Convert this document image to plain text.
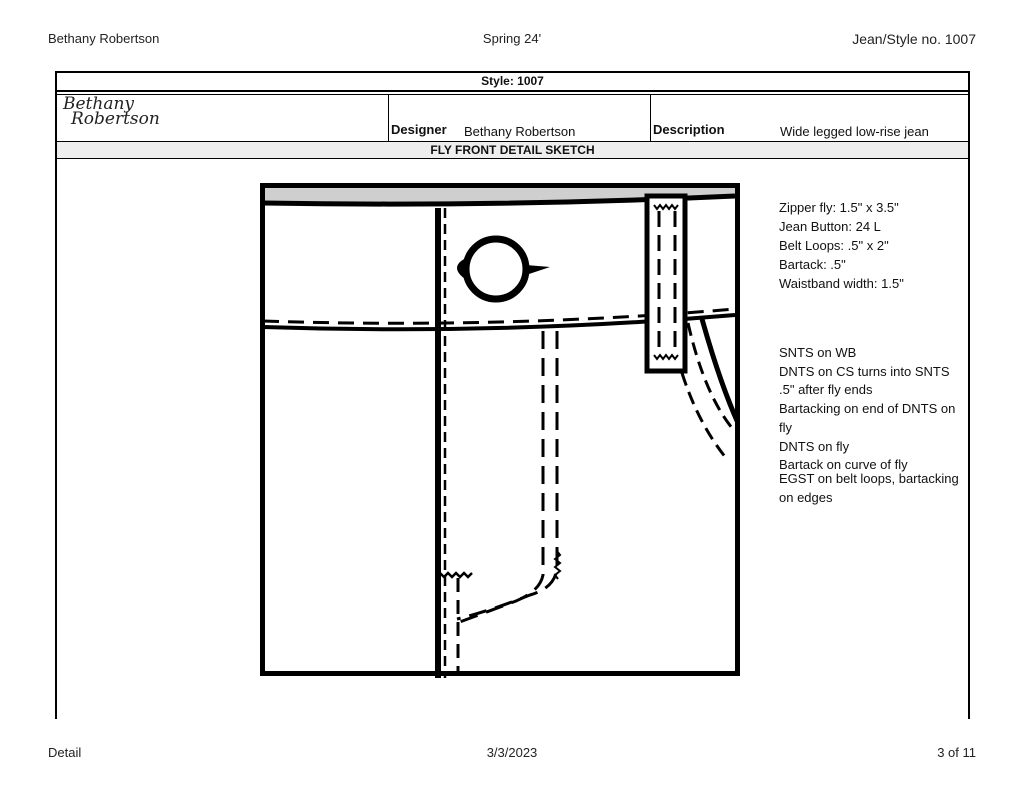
Bethany Robertson	Spring 24'	Jean/Style no. 1007
Style: 1007
Bethany
Robertson
Designer Bethany Robertson	Description	Wide legged low-rise jean
FLY FRONT DETAIL SKETCH
Zipper fly: 1.5" x 3.5"
Jean Button: 24 L
Belt Loops: .5" x 2"
Bartack: .5"
Waistband width: 1.5"
SNTS on WB
DNTS on CS turns into SNTS .5" after fly ends
Bartacking on end of DNTS on fly
DNTS on fly
Bartack on curve of fly
EGST on belt loops, bartacking on edges
Detail	3/3/2023	3 of 11
